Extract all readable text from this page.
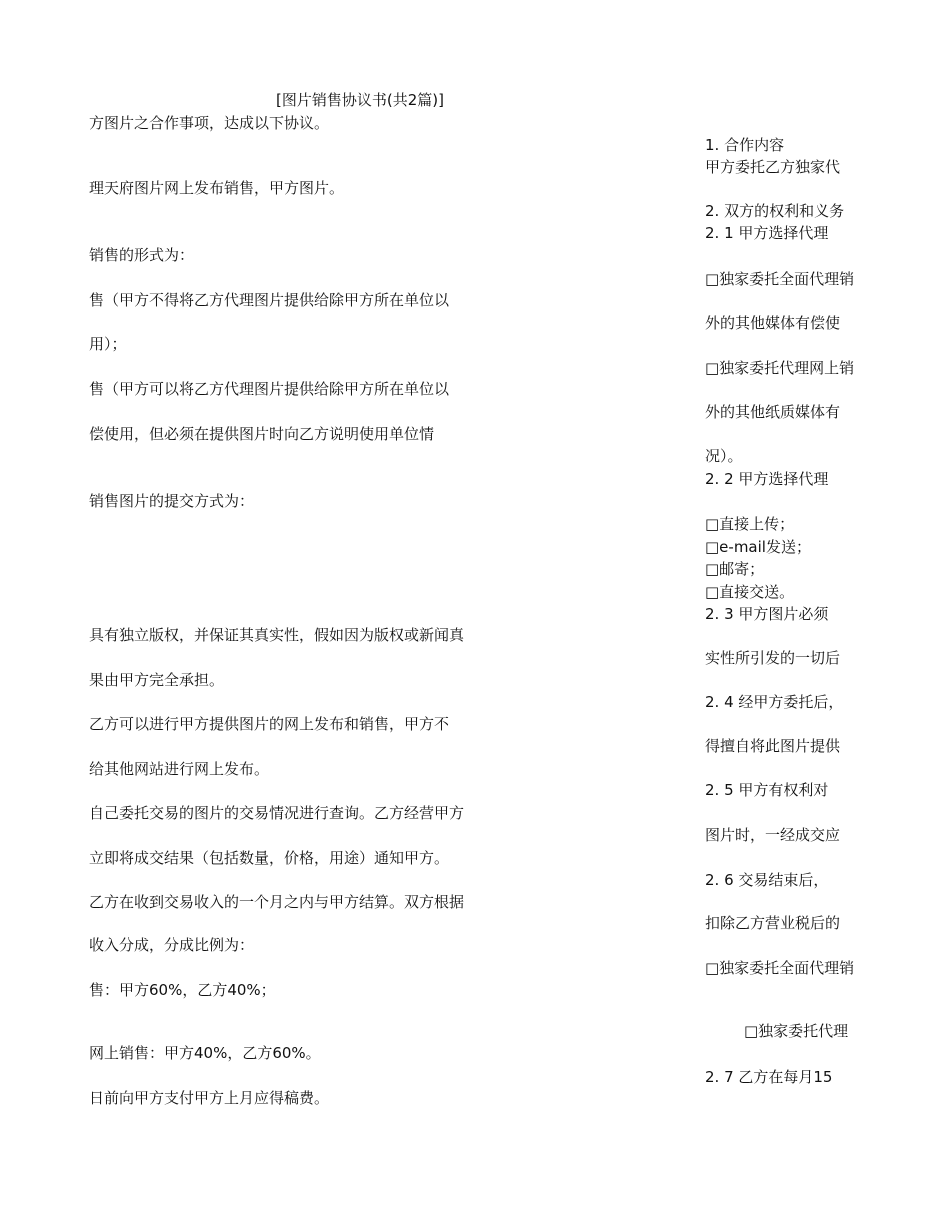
[图片销售协议书(共2篇)]
方图片之合作事项，达成以下协议。
理天府图片网上发布销售，甲方图片。
销售的形式为：
售（甲方不得将乙方代理图片提供给除甲方所在单位以
用）；
售（甲方可以将乙方代理图片提供给除甲方所在单位以
偿使用，但必须在提供图片时向乙方说明使用单位情
销售图片的提交方式为：
具有独立版权，并保证其真实性，假如因为版权或新闻真
果由甲方完全承担。
乙方可以进行甲方提供图片的网上发布和销售，甲方不
给其他网站进行网上发布。
自己委托交易的图片的交易情况进行查询。乙方经营甲方
立即将成交结果（包括数量，价格，用途）通知甲方。
乙方在收到交易收入的一个月之内与甲方结算。双方根据
收入分成，分成比例为：
售：甲方60%，乙方40%；
网上销售：甲方40%，乙方60%。
日前向甲方支付甲方上月应得稿费。
1. 合作内容
甲方委托乙方独家代
2. 双方的权利和义务
2. 1 甲方选择代理
□独家委托全面代理销
外的其他媒体有偿使
□独家委托代理网上销
外的其他纸质媒体有
况）。
2. 2 甲方选择代理
□直接上传；
□e-mail发送；
□邮寄；
□直接交送。
2. 3 甲方图片必须
实性所引发的一切后
2. 4 经甲方委托后，
得擅自将此图片提供
2. 5 甲方有权利对
图片时，一经成交应
2. 6 交易结束后，
扣除乙方营业税后的
□独家委托全面代理销
□独家委托代理
2. 7 乙方在每月15
